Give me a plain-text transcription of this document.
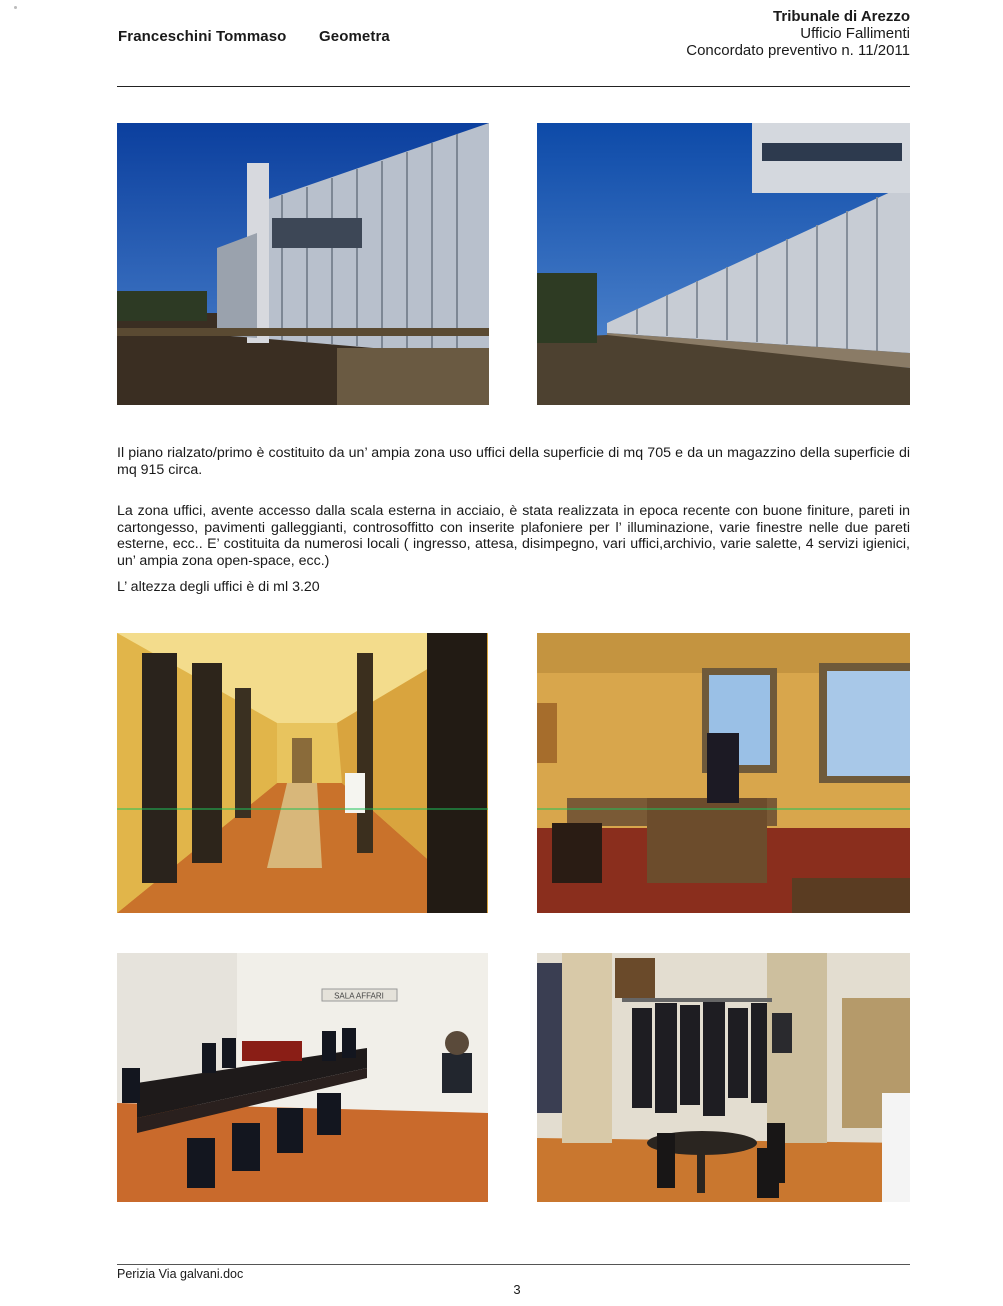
Franceschini Tommaso Geometra
Tribunale di Arezzo
Ufficio Fallimenti
Concordato preventivo n. 11/2011
Il piano rialzato/primo è costituito da un’ ampia zona uso uffici della superficie di mq 705 e da un magazzino della superficie di mq 915 circa.
La zona uffici, avente accesso dalla scala esterna in acciaio, è stata realizzata in epoca recente con buone finiture, pareti in cartongesso, pavimenti galleggianti, controsoffitto con inserite plafoniere per l’ illuminazione, varie finestre nelle due pareti esterne, ecc.. E’ costituita da numerosi locali ( ingresso, attesa, disimpegno, vari uffici,archivio, varie salette, 4 servizi igienici, un’ ampia zona open-space, ecc.)
L’ altezza degli uffici è di ml 3.20
SALA AFFARI
Perizia Via galvani.doc
3
